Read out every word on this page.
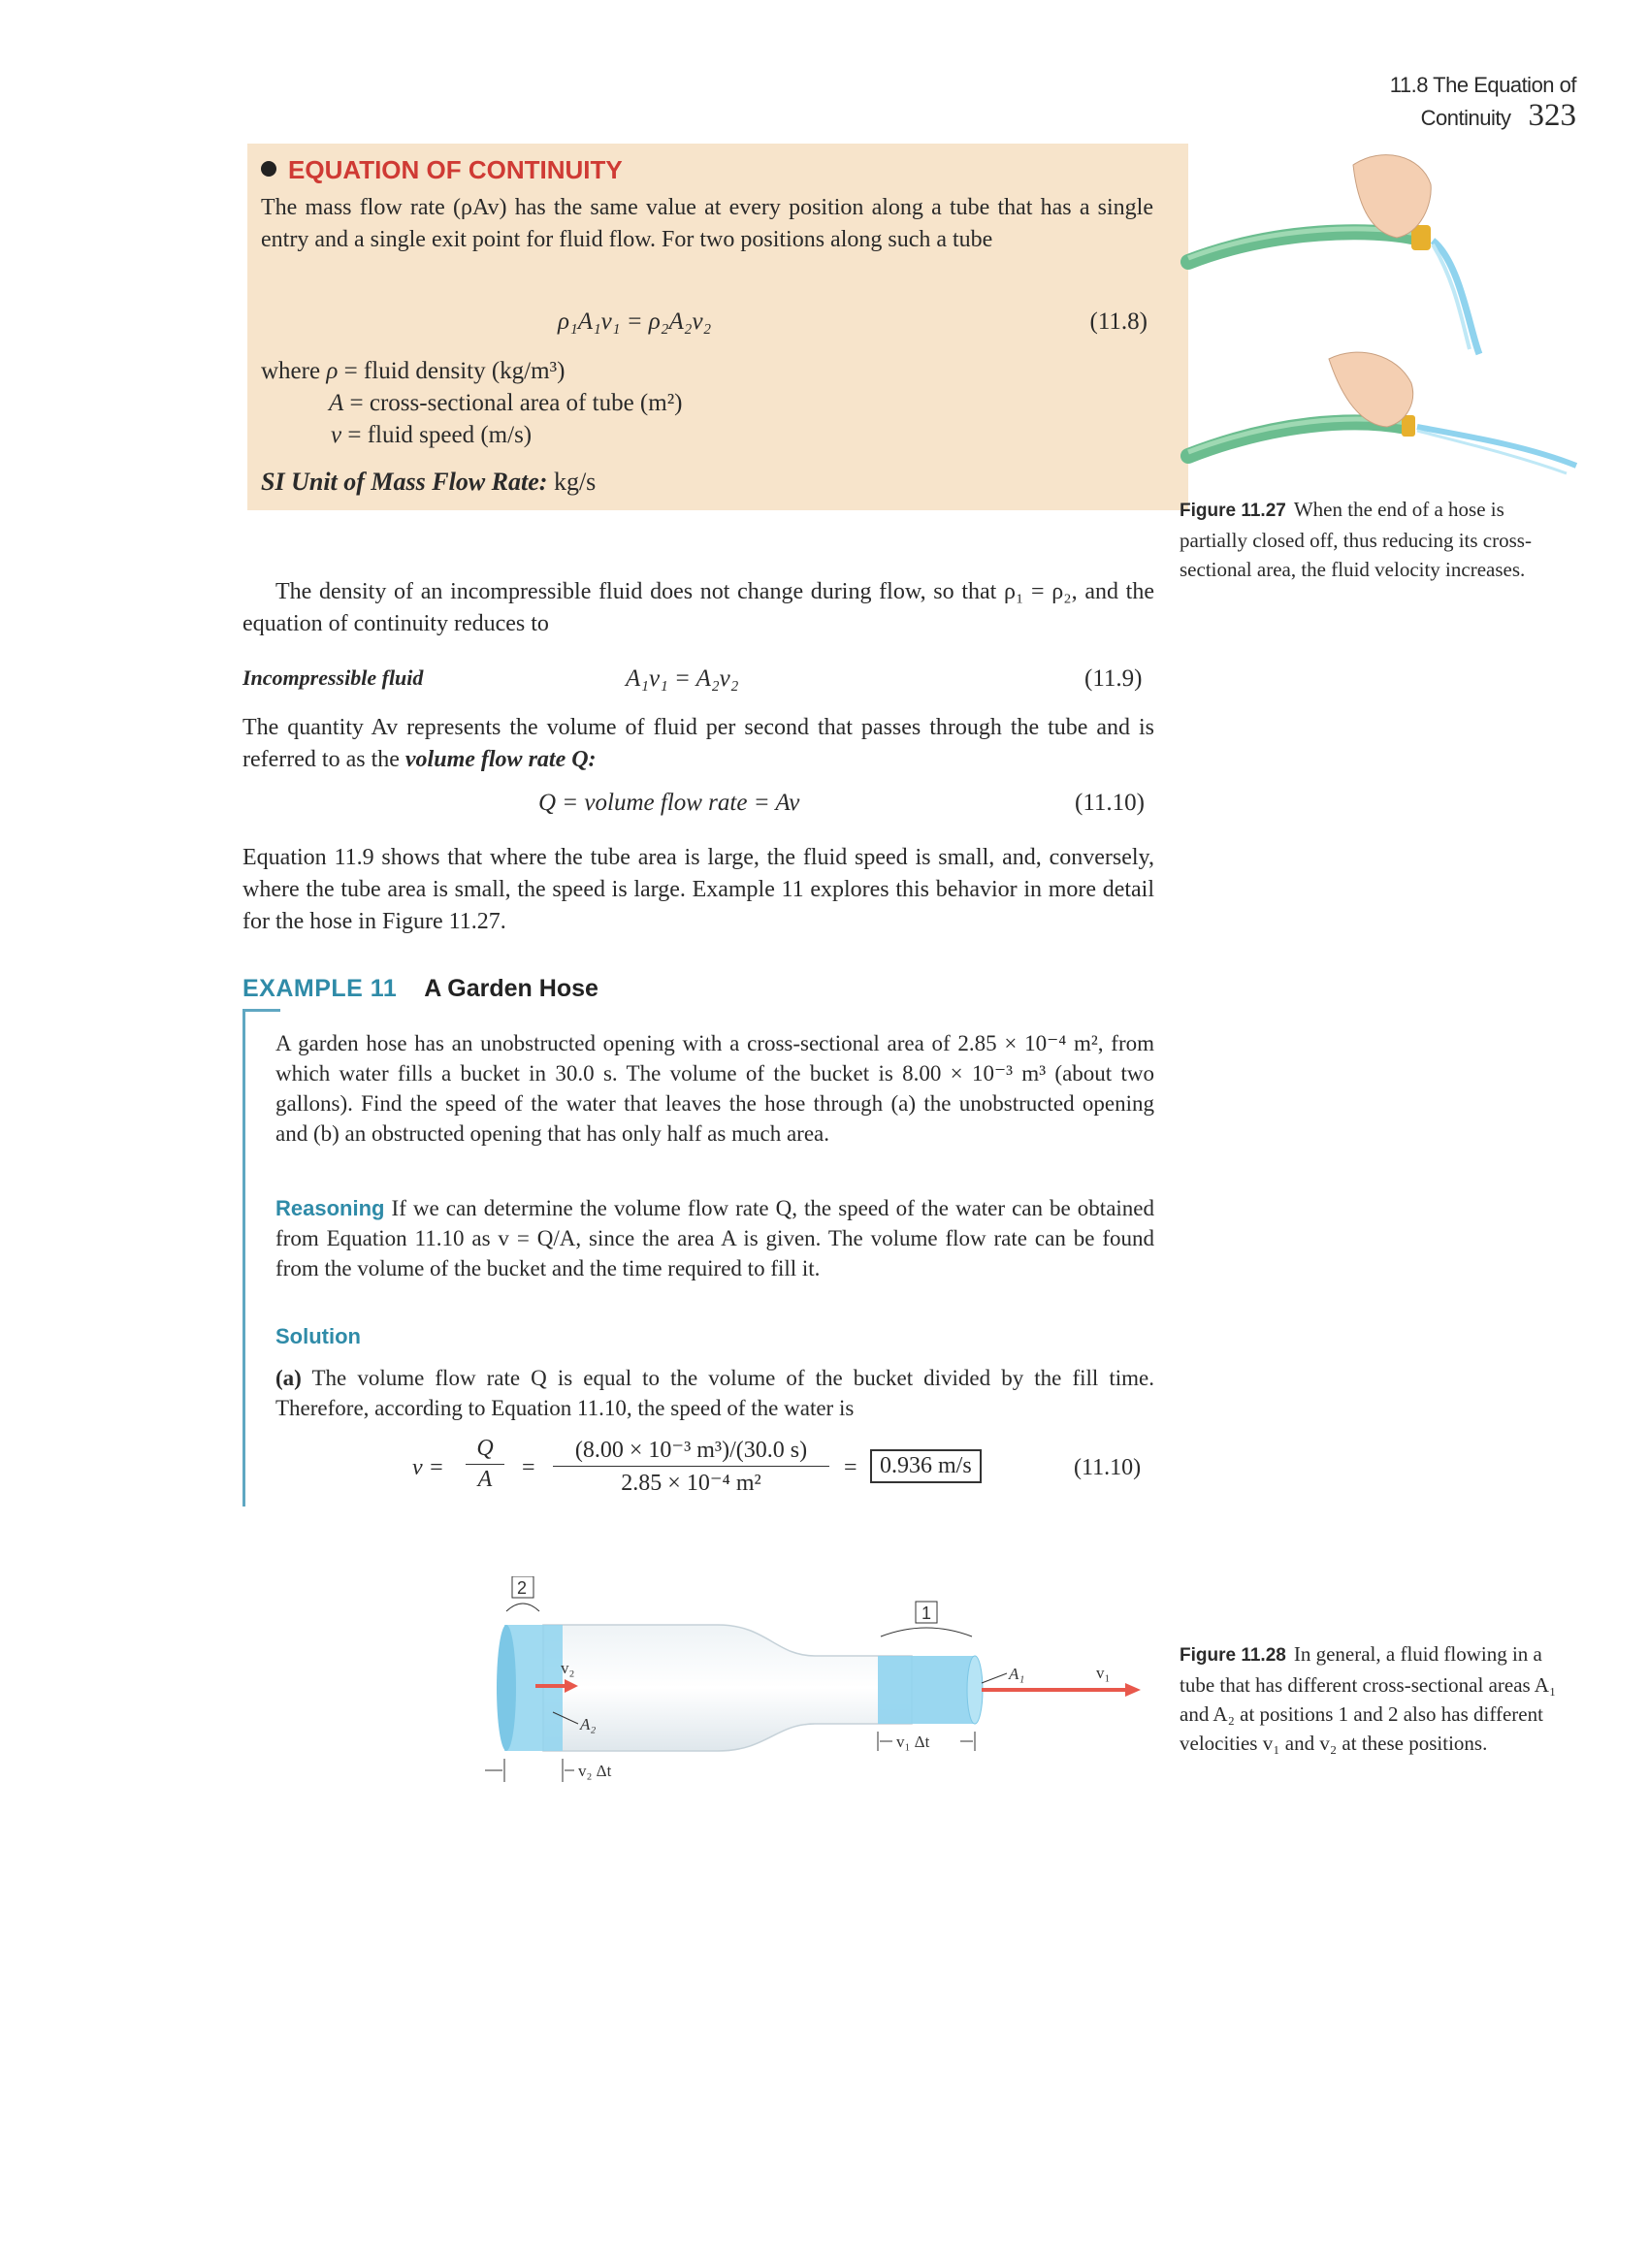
11.8 The Equation of Continuity 323
EQUATION OF CONTINUITY
The mass flow rate (ρAv) has the same value at every position along a tube that has a single entry and a single exit point for fluid flow. For two positions along such a tube
ρ₁A₁v₁ = ρ₂A₂v₂	(11.8)
where ρ = fluid density (kg/m³)
A = cross-sectional area of tube (m²)
v = fluid speed (m/s)
SI Unit of Mass Flow Rate: kg/s
The density of an incompressible fluid does not change during flow, so that ρ₁ = ρ₂, and the equation of continuity reduces to
Incompressible fluid	A₁v₁ = A₂v₂	(11.9)
The quantity Av represents the volume of fluid per second that passes through the tube and is referred to as the volume flow rate Q:
Q = volume flow rate = Av	(11.10)
Equation 11.9 shows that where the tube area is large, the fluid speed is small, and, conversely, where the tube area is small, the speed is large. Example 11 explores this behavior in more detail for the hose in Figure 11.27.
EXAMPLE 11 A Garden Hose
A garden hose has an unobstructed opening with a cross-sectional area of 2.85 × 10⁻⁴ m², from which water fills a bucket in 30.0 s. The volume of the bucket is 8.00 × 10⁻³ m³ (about two gallons). Find the speed of the water that leaves the hose through (a) the unobstructed opening and (b) an obstructed opening that has only half as much area.
Reasoning If we can determine the volume flow rate Q, the speed of the water can be obtained from Equation 11.10 as v = Q/A, since the area A is given. The volume flow rate can be found from the volume of the bucket and the time required to fill it.
Solution
(a) The volume flow rate Q is equal to the volume of the bucket divided by the fill time. Therefore, according to Equation 11.10, the speed of the water is
$v = \frac{Q}{A} = \frac{\text{(8.00 × 10⁻³ m³)/(30.0 s)}}{\text{2.85 × 10⁻⁴ m²}} = 0.936$ m/s	(11.10)
Figure 11.27 When the end of a hose is partially closed off, thus reducing its cross-sectional area, the fluid velocity increases.
2
1
v₂
A₂
v₁
A₁
v₂ Δt
v₁ Δt
Figure 11.28 In general, a fluid flowing in a tube that has different cross-sectional areas A₁ and A₂ at positions 1 and 2 also has different velocities v₁ and v₂ at these positions.
